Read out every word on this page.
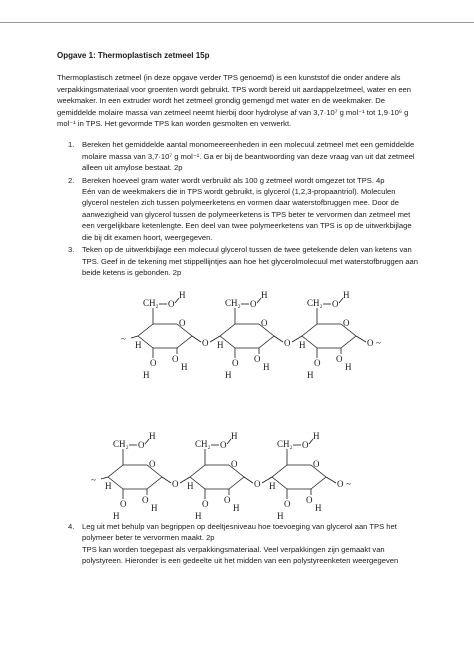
Opgave 1: Thermoplastisch zetmeel 15p

Thermoplastisch zetmeel (in deze opgave verder TPS genoemd) is een kunststof die onder andere als verpakkingsmateriaal voor groenten wordt gebruikt. TPS wordt bereid uit aardappelzetmeel, water en een weekmaker. In een extruder wordt het zetmeel grondig gemengd met water en de weekmaker. De gemiddelde molaire massa van zetmeel neemt hierbij door hydrolyse af van 3,7·10⁷ g mol⁻¹ tot 1,9·10⁶ g mol⁻¹ in TPS. Het gevormde TPS kan worden gesmolten en verwerkt.

1. Bereken het gemiddelde aantal monomeereenheden in een molecuul zetmeel met een gemiddelde molaire massa van 3,7·10⁷ g mol⁻¹. Ga er bij de beantwoording van deze vraag van uit dat zetmeel alleen uit amylose bestaat. 2p

2. Bereken hoeveel gram water wordt verbruikt als 100 g zetmeel wordt omgezet tot TPS. 4p

Eén van de weekmakers die in TPS wordt gebruikt, is glycerol (1,2,3-propaantriol). Moleculen glycerol nestelen zich tussen polymeerketens en vormen daar waterstofbruggen mee. Door de aanwezigheid van glycerol tussen de polymeerketens is TPS beter te vervormen dan zetmeel met een vergelijkbare ketenlengte. Een deel van twee polymeerketens van TPS is op de uitwerkbijlage die bij dit examen hoort, weergegeven.

3. Teken op de uitwerkbijlage een molecuul glycerol tussen de twee getekende delen van ketens van TPS. Geef in de tekening met stippellijntjes aan hoe het glycerolmolecuul met waterstofbruggen aan beide ketens is gebonden. 2p

~
O
CH₂ O
H
O
H
O
H
H	O
O
CH₂ O
H
O
H
O
H
H	O
O
CH₂ O
H
O
H
O
H
H	O ~
~
O
CH₂ O
H
O
H
O
H
H	O
O
CH₂ O
H
O
H
O
H
H	O
O
CH₂ O
H
O
H
O
H
H	O ~
4. Leg uit met behulp van begrippen op deeltjesniveau hoe toevoeging van glycerol aan TPS het polymeer beter te vervormen maakt. 2p

TPS kan worden toegepast als verpakkingsmateriaal. Veel verpakkingen zijn gemaakt van polystyreen. Hieronder is een gedeelte uit het midden van een polystyreenketen weergegeven
